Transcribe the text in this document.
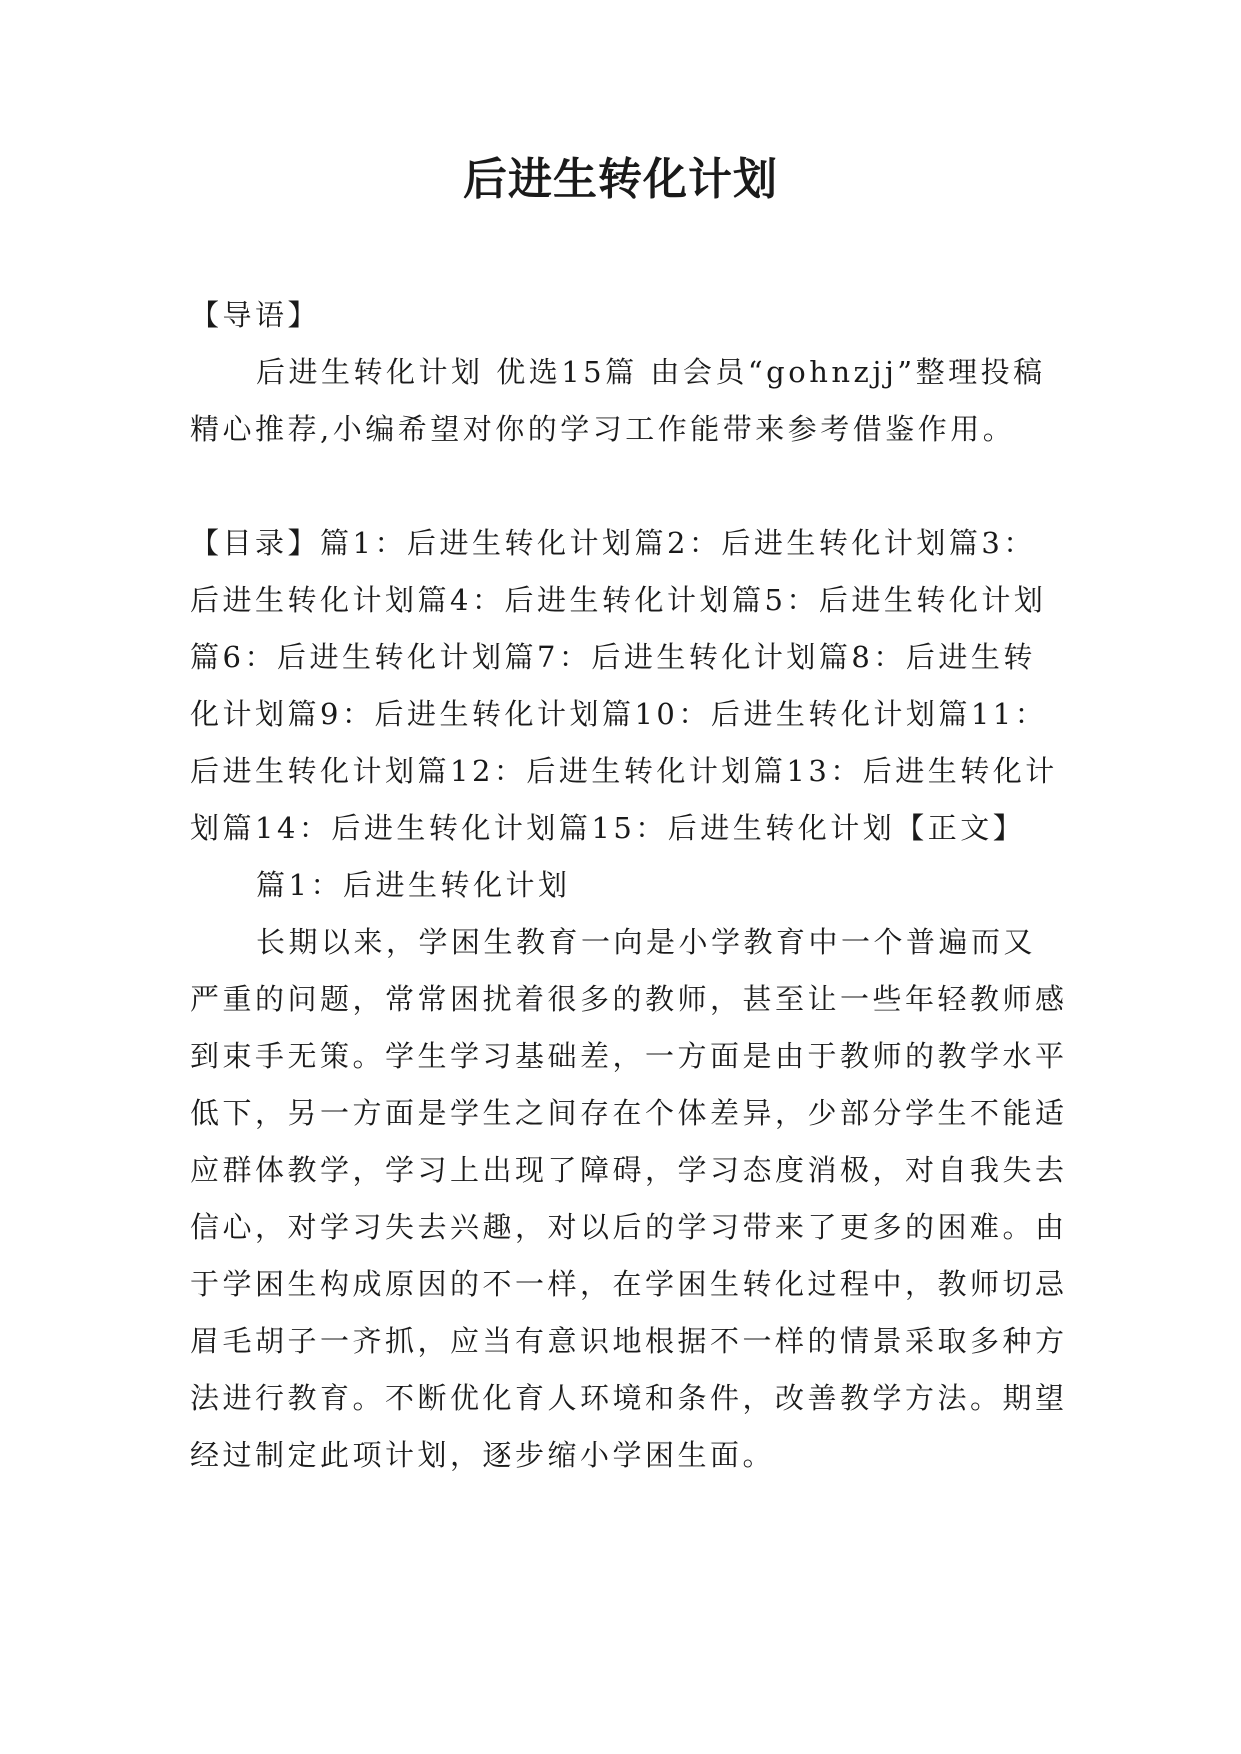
后进生转化计划

【导语】

后进生转化计划 优选15篇 由会员“gohnzjj”整理投稿精心推荐,小编希望对你的学习工作能带来参考借鉴作用。

【目录】篇1：后进生转化计划篇2：后进生转化计划篇3：后进生转化计划篇4：后进生转化计划篇5：后进生转化计划篇6：后进生转化计划篇7：后进生转化计划篇8：后进生转化计划篇9：后进生转化计划篇10：后进生转化计划篇11：后进生转化计划篇12：后进生转化计划篇13：后进生转化计划篇14：后进生转化计划篇15：后进生转化计划【正文】

篇1：后进生转化计划

长期以来，学困生教育一向是小学教育中一个普遍而又严重的问题，常常困扰着很多的教师，甚至让一些年轻教师感到束手无策。学生学习基础差，一方面是由于教师的教学水平低下，另一方面是学生之间存在个体差异，少部分学生不能适应群体教学，学习上出现了障碍，学习态度消极，对自我失去信心，对学习失去兴趣，对以后的学习带来了更多的困难。由于学困生构成原因的不一样，在学困生转化过程中，教师切忌眉毛胡子一齐抓，应当有意识地根据不一样的情景采取多种方法进行教育。不断优化育人环境和条件，改善教学方法。期望经过制定此项计划，逐步缩小学困生面。
